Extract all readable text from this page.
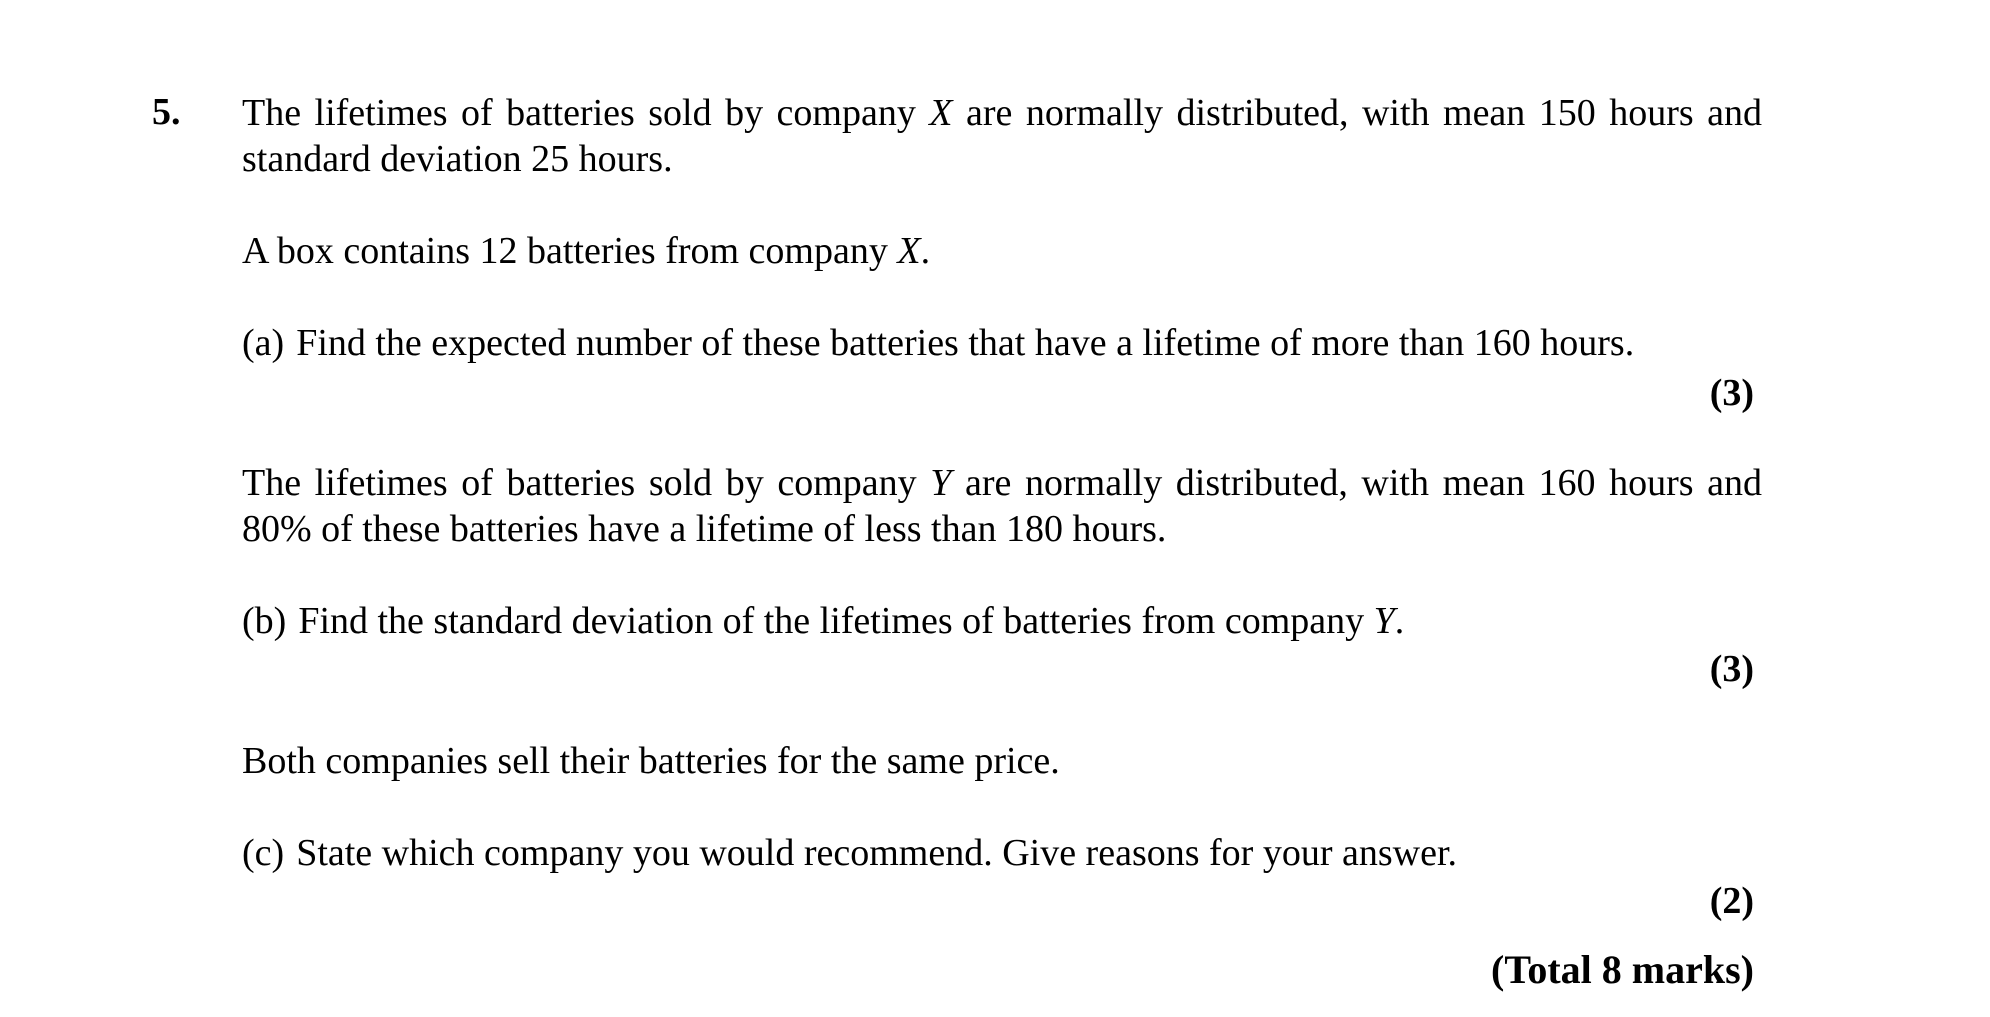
5. The lifetimes of batteries sold by company X are normally distributed, with mean 150 hours and standard deviation 25 hours.

A box contains 12 batteries from company X.

(a) Find the expected number of these batteries that have a lifetime of more than 160 hours.

(3)

The lifetimes of batteries sold by company Y are normally distributed, with mean 160 hours and 80% of these batteries have a lifetime of less than 180 hours.

(b) Find the standard deviation of the lifetimes of batteries from company Y.

(3)

Both companies sell their batteries for the same price.

(c) State which company you would recommend. Give reasons for your answer.

(2)

(Total 8 marks)
